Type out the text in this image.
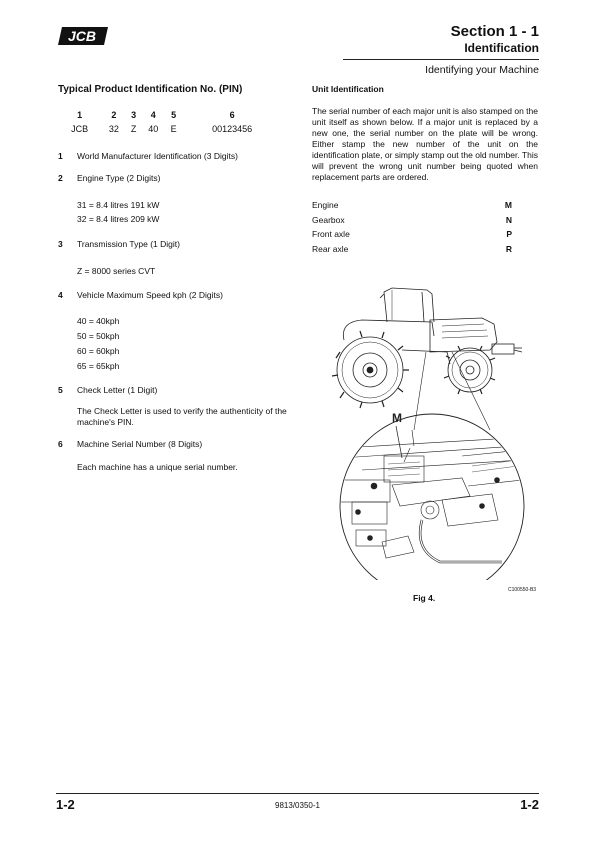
JCB	Section 1 - 1
Identification
Identifying your Machine
Typical Product Identification No. (PIN)
1	2	3	4	5	6
JCB	32	Z	40	E	00123456
1 World Manufacturer Identification (3 Digits)
2 Engine Type (2 Digits)
31 = 8.4 litres 191 kW
32 = 8.4 litres 209 kW
3 Transmission Type (1 Digit)
Z = 8000 series CVT
4 Vehicle Maximum Speed kph (2 Digits)
40 = 40kph
50 = 50kph
60 = 60kph
65 = 65kph
5 Check Letter (1 Digit)
The Check Letter is used to verify the authenticity of the machine's PIN.
6 Machine Serial Number (8 Digits)
Each machine has a unique serial number.
Unit Identification
The serial number of each major unit is also stamped on the unit itself as shown below. If a major unit is replaced by a new one, the serial number on the plate will be wrong. Either stamp the new number of the unit on the identification plate, or simply stamp out the old number. This will prevent the wrong unit number being quoted when replacement parts are ordered.
Engine	M
Gearbox	N
Front axle	P
Rear axle	R
M
C100550-B3
Fig 4.
1-2	9813/0350-1	1-2
